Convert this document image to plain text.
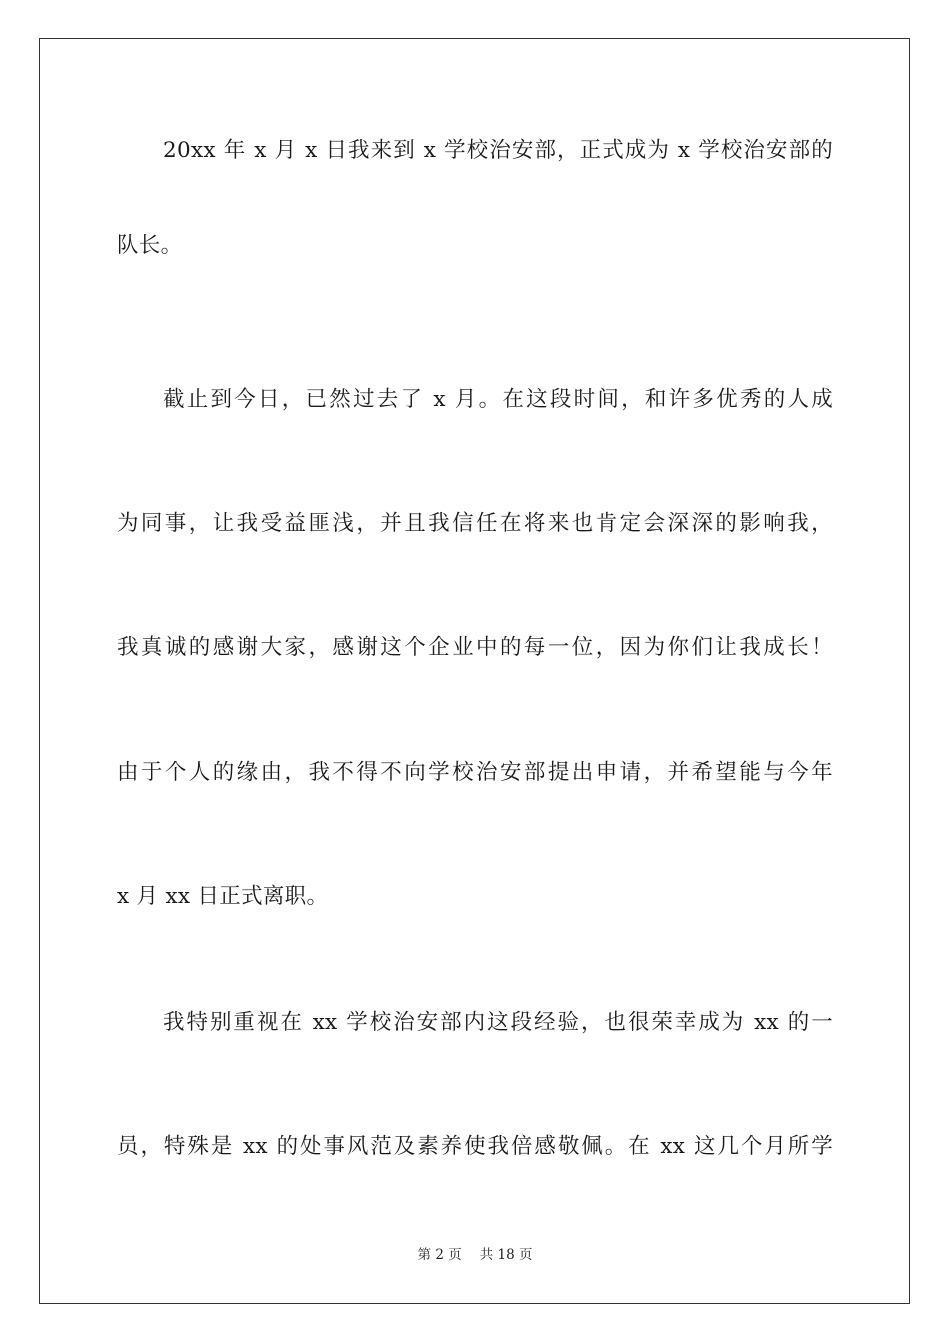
20xx 年 x 月 x 日我来到 x 学校治安部，正式成为 x 学校治安部的
队长。
截止到今日，已然过去了 x 月。在这段时间，和许多优秀的人成
为同事，让我受益匪浅，并且我信任在将来也肯定会深深的影响我，
我真诚的感谢大家，感谢这个企业中的每一位，因为你们让我成长！
由于个人的缘由，我不得不向学校治安部提出申请，并希望能与今年
x 月 xx 日正式离职。
我特别重视在 xx 学校治安部内这段经验，也很荣幸成为 xx 的一
员，特殊是 xx 的处事风范及素养使我倍感敬佩。在 xx 这几个月所学
第 2 页 共 18 页
